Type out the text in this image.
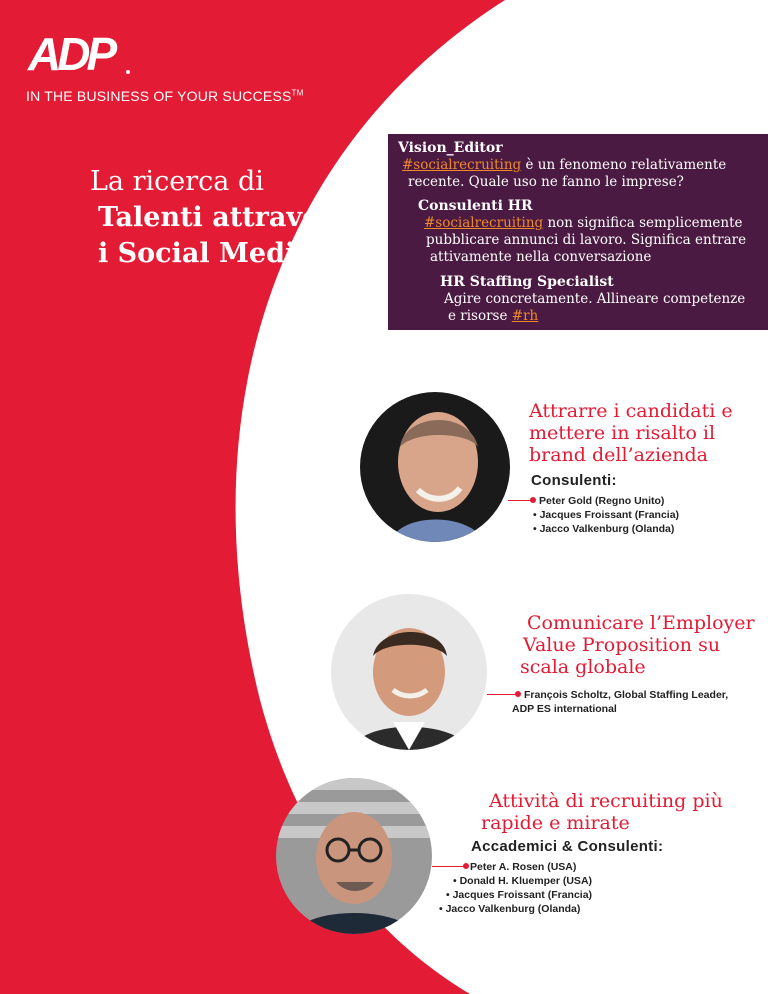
ADP
IN THE BUSINESS OF YOUR SUCCESS™
La ricerca di
Talenti attraverso
i Social Media
Vision_Editor
#socialrecruiting è un fenomeno relativamente
recente. Quale uso ne fanno le imprese?
Consulenti HR
#socialrecruiting non significa semplicemente
pubblicare annunci di lavoro. Significa entrare
attivamente nella conversazione
HR Staffing Specialist
Agire concretamente. Allineare competenze
e risorse #rh
Attrarre i candidati e
mettere in risalto il
brand dell’azienda
Consulenti:
Peter Gold (Regno Unito)
• Jacques Froissant (Francia)
• Jacco Valkenburg (Olanda)
Comunicare l’Employer
Value Proposition su
scala globale
François Scholtz, Global Staffing Leader,
ADP ES international
Attività di recruiting più
rapide e mirate
Accademici & Consulenti:
Peter A. Rosen (USA)
• Donald H. Kluemper (USA)
• Jacques Froissant (Francia)
• Jacco Valkenburg (Olanda)
